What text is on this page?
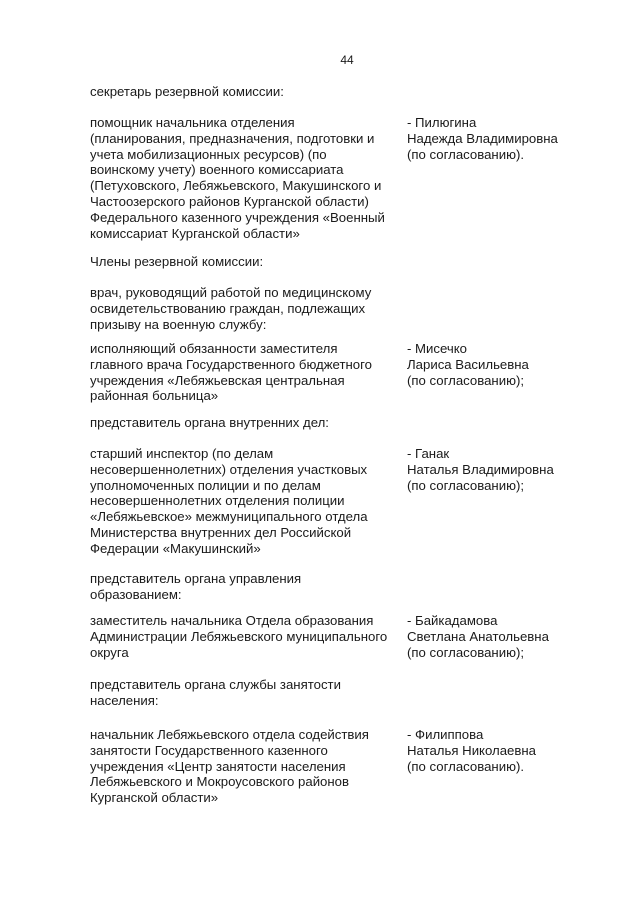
44
секретарь резервной комиссии:
помощник начальника отделения
(планирования, предназначения, подготовки и
учета мобилизационных ресурсов) (по
воинскому учету) военного комиссариата
(Петуховского, Лебяжьевского, Макушинского и
Частоозерского районов Курганской области)
Федерального казенного учреждения «Военный
комиссариат Курганской области»
- Пилюгина
Надежда Владимировна
(по согласованию).
Члены резервной комиссии:
врач, руководящий работой по медицинскому
освидетельствованию граждан, подлежащих
призыву на военную службу:
исполняющий обязанности заместителя
главного врача Государственного бюджетного
учреждения «Лебяжьевская центральная
районная больница»
- Мисечко
Лариса Васильевна
(по согласованию);
представитель органа внутренних дел:
старший инспектор (по делам
несовершеннолетних) отделения участковых
уполномоченных полиции и по делам
несовершеннолетних отделения полиции
«Лебяжьевское» межмуниципального отдела
Министерства внутренних дел Российской
Федерации «Макушинский»
- Ганак
Наталья Владимировна
(по согласованию);
представитель органа управления
образованием:
заместитель начальника Отдела образования
Администрации Лебяжьевского муниципального
округа
- Байкадамова
Светлана Анатольевна
(по согласованию);
представитель органа службы занятости
населения:
начальник Лебяжьевского отдела содействия
занятости Государственного казенного
учреждения «Центр занятости населения
Лебяжьевского и Мокроусовского районов
Курганской области»
- Филиппова
Наталья Николаевна
(по согласованию).
